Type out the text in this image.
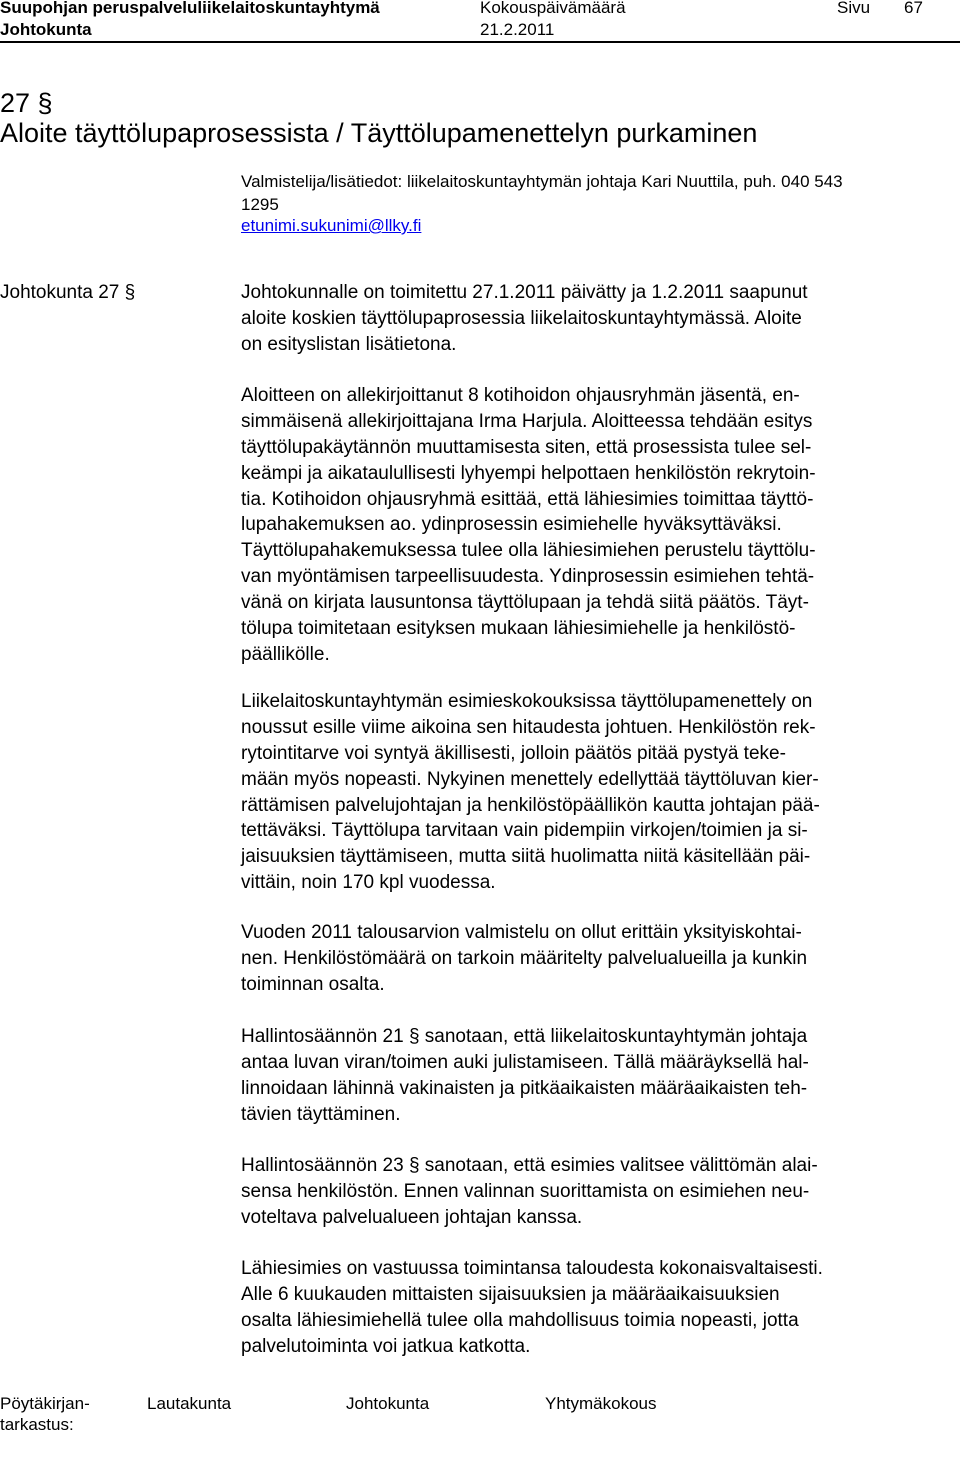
Suupohjan peruspalveluliikelaitoskuntayhtymä	Kokouspäivämäärä	Sivu 67
Johtokunta	21.2.2011
27 §
Aloite täyttölupaprosessista / Täyttölupamenettelyn purkaminen
Valmistelija/lisätiedot: liikelaitoskuntayhtymän johtaja Kari Nuuttila, puh. 040 543
1295
etunimi.sukunimi@llky.fi
Johtokunta 27 §	Johtokunnalle on toimitettu 27.1.2011 päivätty ja 1.2.2011 saapunut
aloite koskien täyttölupaprosessia liikelaitoskuntayhtymässä. Aloite
on esityslistan lisätietona.
Aloitteen on allekirjoittanut 8 kotihoidon ohjausryhmän jäsentä, en-
simmäisenä allekirjoittajana Irma Harjula. Aloitteessa tehdään esitys
täyttölupakäytännön muuttamisesta siten, että prosessista tulee sel-
keämpi ja aikataulullisesti lyhyempi helpottaen henkilöstön rekrytoin-
tia. Kotihoidon ohjausryhmä esittää, että lähiesimies toimittaa täyttö-
lupahakemuksen ao. ydinprosessin esimiehelle hyväksyttäväksi.
Täyttölupahakemuksessa tulee olla lähiesimiehen perustelu täyttölu-
van myöntämisen tarpeellisuudesta. Ydinprosessin esimiehen tehtä-
vänä on kirjata lausuntonsa täyttölupaan ja tehdä siitä päätös. Täyt-
tölupa toimitetaan esityksen mukaan lähiesimiehelle ja henkilöstö-
päällikölle.
Liikelaitoskuntayhtymän esimieskokouksissa täyttölupamenettely on
noussut esille viime aikoina sen hitaudesta johtuen. Henkilöstön rek-
rytointitarve voi syntyä äkillisesti, jolloin päätös pitää pystyä teke-
mään myös nopeasti. Nykyinen menettely edellyttää täyttöluvan kier-
rättämisen palvelujohtajan ja henkilöstöpäällikön kautta johtajan pää-
tettäväksi. Täyttölupa tarvitaan vain pidempiin virkojen/toimien ja si-
jaisuuksien täyttämiseen, mutta siitä huolimatta niitä käsitellään päi-
vittäin, noin 170 kpl vuodessa.
Vuoden 2011 talousarvion valmistelu on ollut erittäin yksityiskohtai-
nen. Henkilöstömäärä on tarkoin määritelty palvelualueilla ja kunkin
toiminnan osalta.
Hallintosäännön 21 § sanotaan, että liikelaitoskuntayhtymän johtaja
antaa luvan viran/toimen auki julistamiseen. Tällä määräyksellä hal-
linnoidaan lähinnä vakinaisten ja pitkäaikaisten määräaikaisten teh-
tävien täyttäminen.
Hallintosäännön 23 § sanotaan, että esimies valitsee välittömän alai-
sensa henkilöstön. Ennen valinnan suorittamista on esimiehen neu-
voteltava palvelualueen johtajan kanssa.
Lähiesimies on vastuussa toimintansa taloudesta kokonaisvaltaisesti.
Alle 6 kuukauden mittaisten sijaisuuksien ja määräaikaisuuksien
osalta lähiesimiehellä tulee olla mahdollisuus toimia nopeasti, jotta
palvelutoiminta voi jatkua katkotta.
Pöytäkirjan-
tarkastus:
Lautakunta	Johtokunta	Yhtymäkokous
